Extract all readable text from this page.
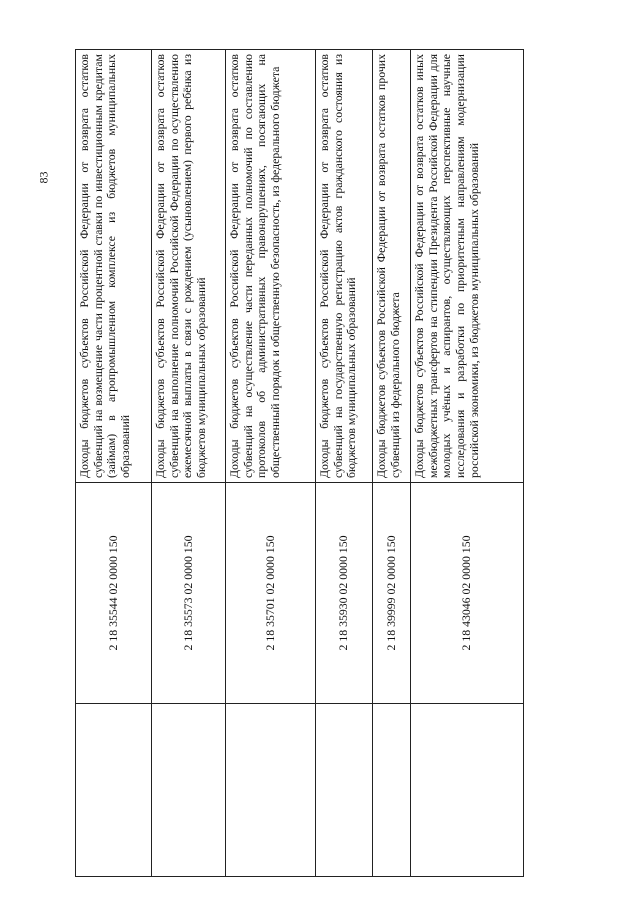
83
	2 18 35544 02 0000 150	Доходы бюджетов субъектов Российской Федерации от возврата остатков субвенций на возмещение части процентной ставки по инвестиционным кредитам (займам) в агропромышленном комплексе из бюджетов муниципальных образований
	2 18 35573 02 0000 150	Доходы бюджетов субъектов Российской Федерации от возврата остатков субвенций на выполнение полномочий Российской Федерации по осуществлению ежемесячной выплаты в связи с рождением (усыновлением) первого ребёнка из бюджетов муниципальных образований
	2 18 35701 02 0000 150	Доходы бюджетов субъектов Российской Федерации от возврата остатков субвенций на осуществление части переданных полномочий по составлению протоколов об административных правонарушениях, посягающих на общественный порядок и общественную безопасность, из федерального бюджета
	2 18 35930 02 0000 150	Доходы бюджетов субъектов Российской Федерации от возврата остатков субвенций на государственную регистрацию актов гражданского состояния из бюджетов муниципальных образований
	2 18 39999 02 0000 150	Доходы бюджетов субъектов Российской Федерации от возврата остатков прочих субвенций из федерального бюджета
	2 18 43046 02 0000 150	Доходы бюджетов субъектов Российской Федерации от возврата остатков иных межбюджетных трансфертов на стипендии Президента Российской Федерации для молодых учёных и аспирантов, осуществляющих перспективные научные исследования и разработки по приоритетным направлениям модернизации российской экономики, из бюджетов муниципальных образований
